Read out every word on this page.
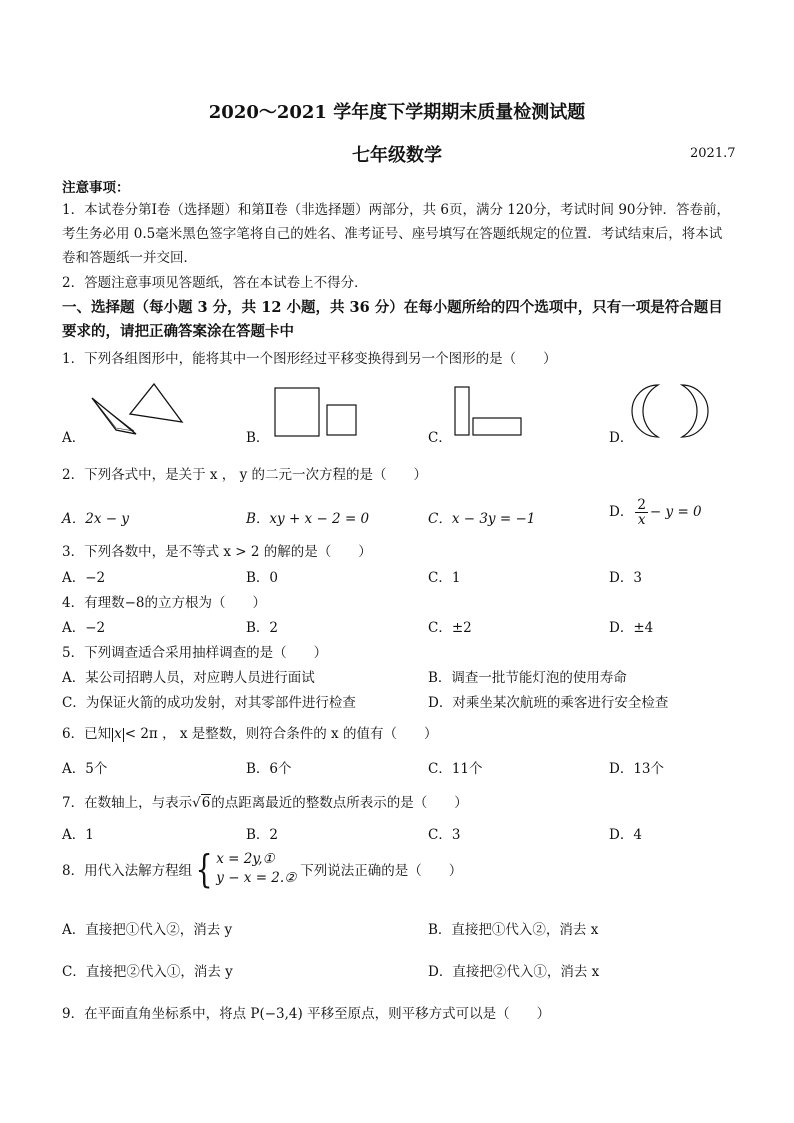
2020～2021 学年度下学期期末质量检测试题
七年级数学	2021.7
注意事项：
1．本试卷分第Ⅰ卷（选择题）和第Ⅱ卷（非选择题）两部分，共 6页，满分 120分，考试时间 90分钟．答卷前，考生务必用 0.5毫米黑色签字笔将自己的姓名、准考证号、座号填写在答题纸规定的位置．考试结束后，将本试卷和答题纸一并交回．
2．答题注意事项见答题纸，答在本试卷上不得分．
一、选择题（每小题 3 分，共 12 小题，共 36 分）在每小题所给的四个选项中，只有一项是符合题目要求的，请把正确答案涂在答题卡中
1．下列各组图形中，能将其中一个图形经过平移变换得到另一个图形的是（　　）
A．	B．	C．	D．
2．下列各式中，是关于 x ， y 的二元一次方程的是（　　）
A．2x − y	B．xy + x − 2 = 0	C．x − 3y = −1	D． $\frac{2}{x} - y = 0$
3．下列各数中，是不等式 x > 2 的解的是（　　）
A．−2	B．0	C．1	D．3
4．有理数−8的立方根为（　　）
A．−2	B．2	C．±2	D．±4
5．下列调查适合采用抽样调查的是（　　）
A．某公司招聘人员，对应聘人员进行面试	B．调查一批节能灯泡的使用寿命
C．为保证火箭的成功发射，对其零部件进行检查	D．对乘坐某次航班的乘客进行安全检查
6．已知 x < 2π ， x 是整数，则符合条件的 x 的值有（　　）
A．5个	B．6个	C．11个	D．13个
7．在数轴上，与表示√6的点距离最近的整数点所表示的是（　　）
A．1	B．2	C．3	D．4
8．用代入法解方程组{ x = 2y,①
y − x = 2.② 下列说法正确的是（　　）
A．直接把①代入②，消去 y	B．直接把①代入②，消去 x
C．直接把②代入①，消去 y	D．直接把②代入①，消去 x
9．在平面直角坐标系中，将点 P(−3,4) 平移至原点，则平移方式可以是（　　）
